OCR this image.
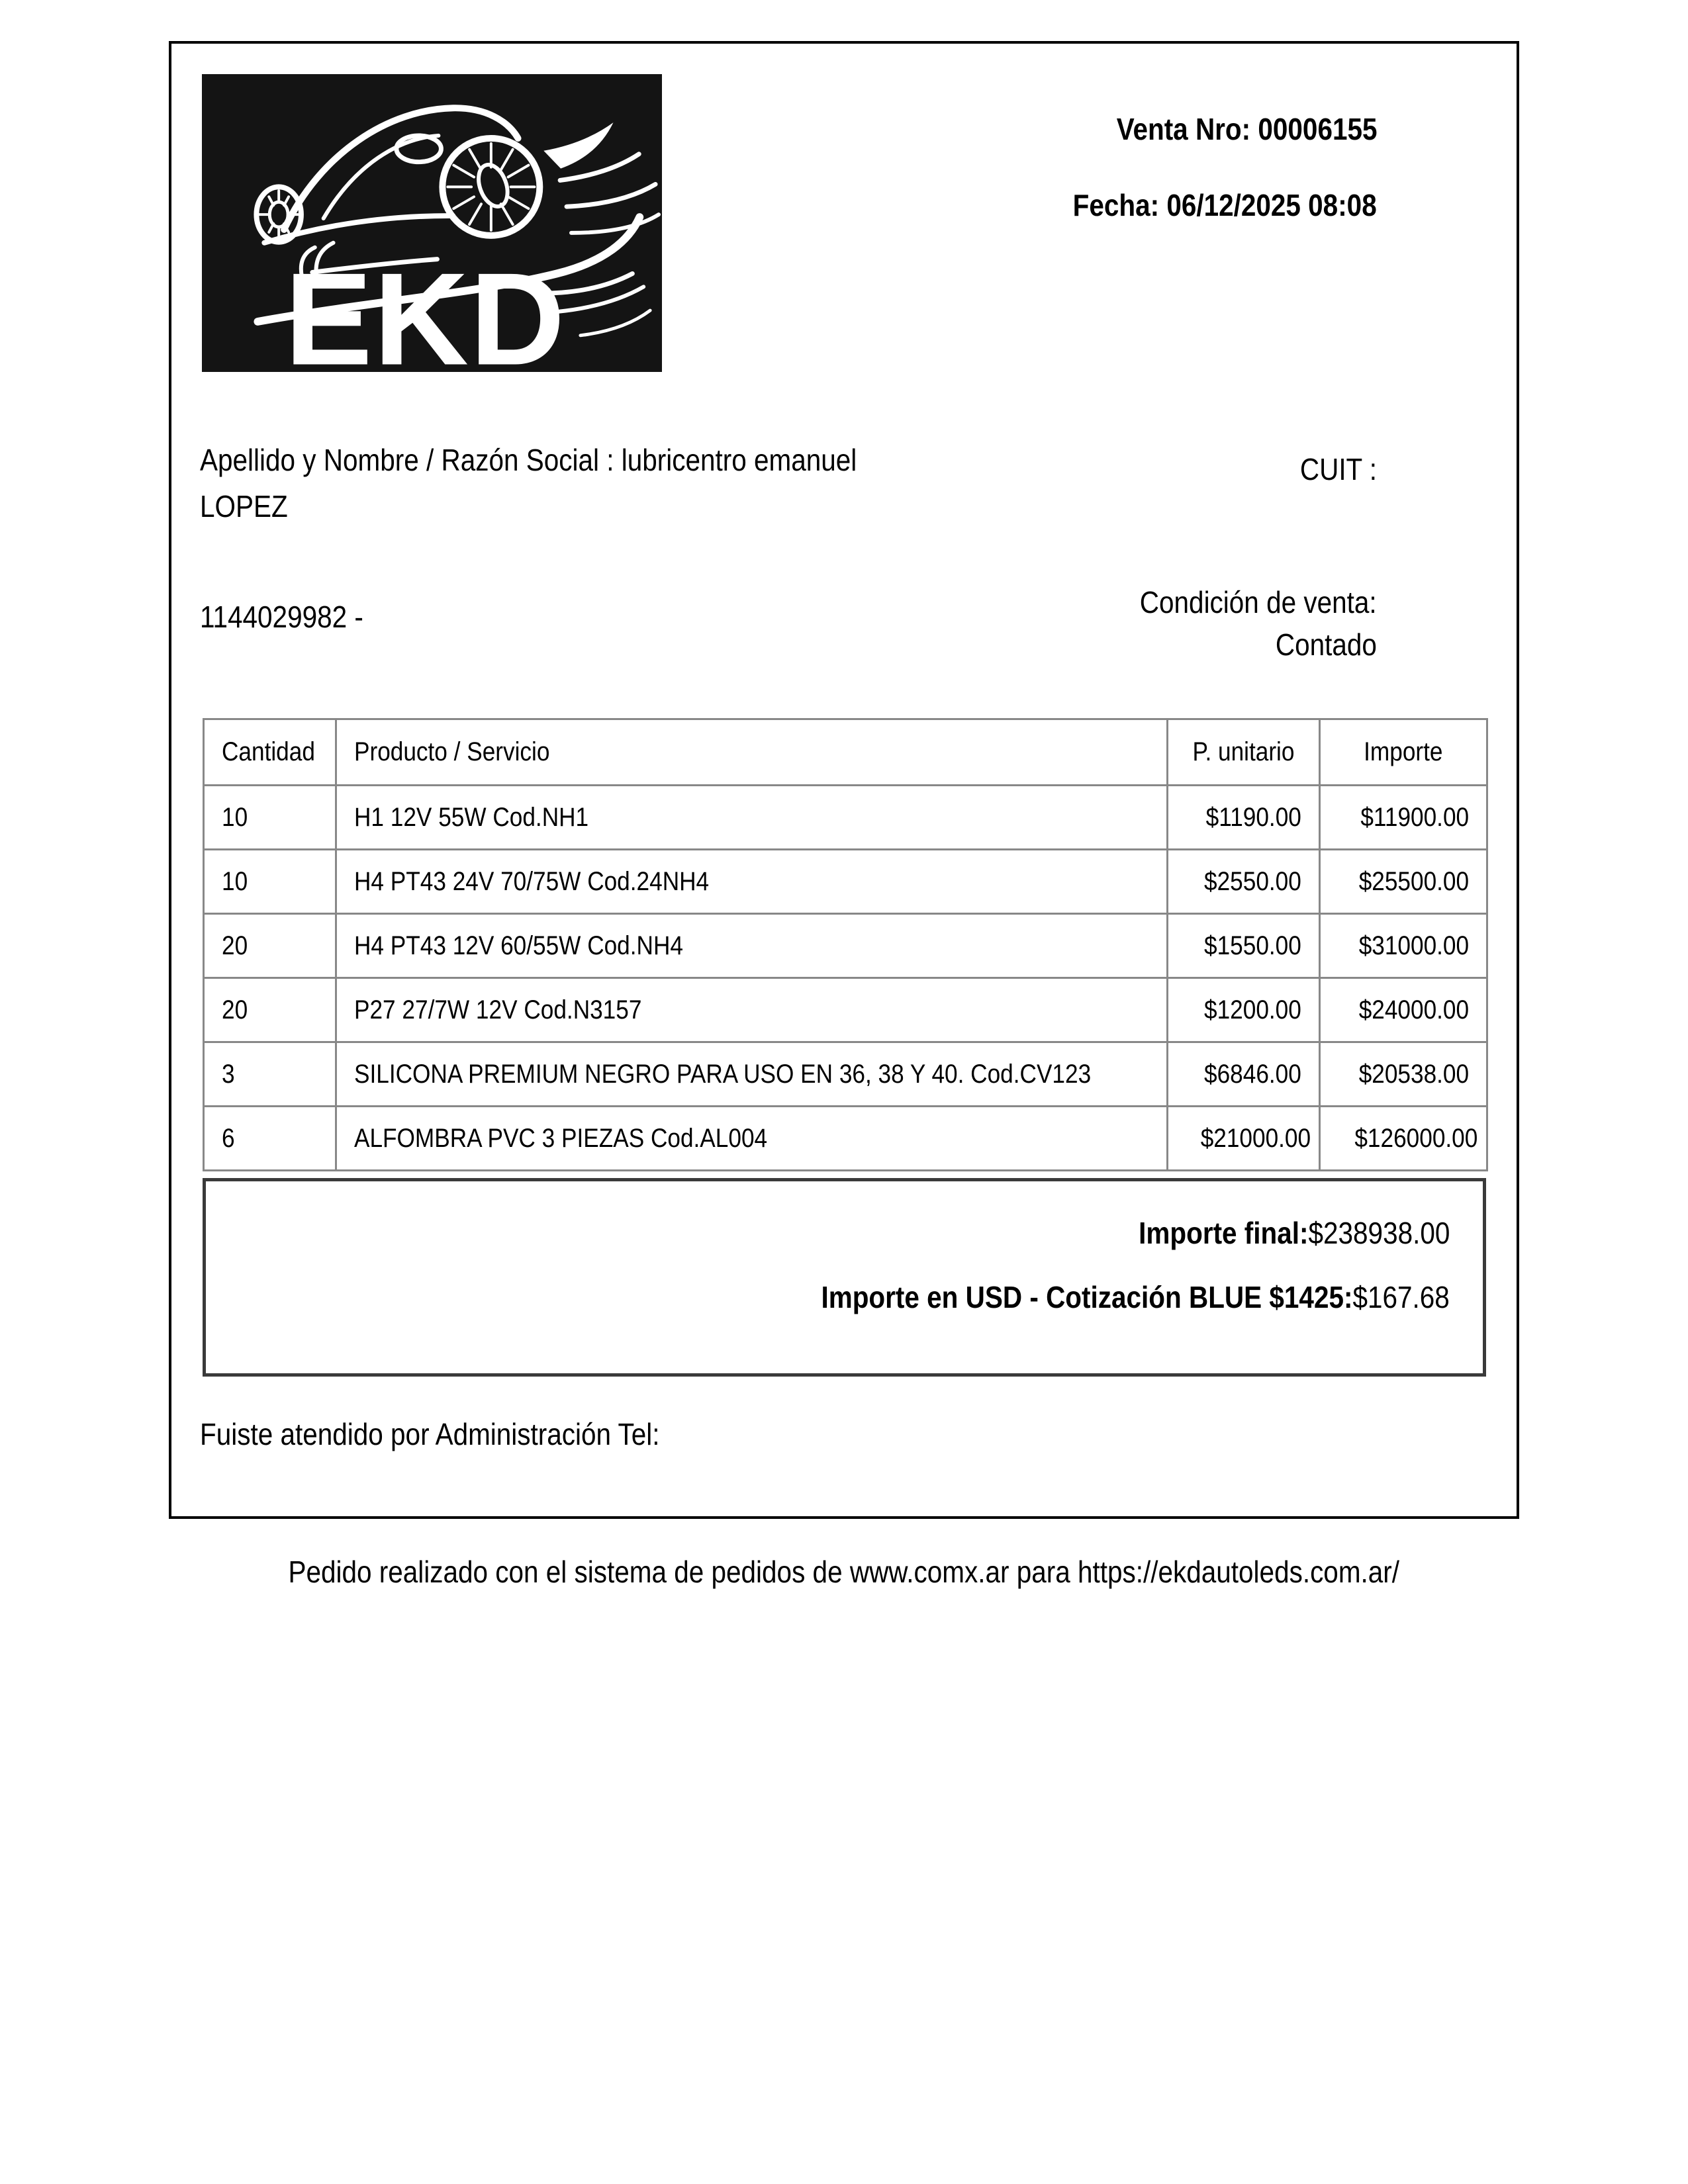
EKD
Venta Nro: 00006155
Fecha: 06/12/2025 08:08
Apellido y Nombre / Razón Social : lubricentro emanuel
LOPEZ
CUIT :
1144029982 -	Condición de venta:
Contado
Cantidad	Producto / Servicio	P. unitario	Importe
10	H1 12V 55W Cod.NH1	$1190.00	$11900.00
10	H4 PT43 24V 70/75W Cod.24NH4	$2550.00	$25500.00
20	H4 PT43 12V 60/55W Cod.NH4	$1550.00	$31000.00
20	P27 27/7W 12V Cod.N3157	$1200.00	$24000.00
3	SILICONA PREMIUM NEGRO PARA USO EN 36, 38 Y 40. Cod.CV123	$6846.00	$20538.00
6	ALFOMBRA PVC 3 PIEZAS Cod.AL004	$21000.00	$126000.00
Importe final:$238938.00
Importe en USD - Cotización BLUE $1425:$167.68
Fuiste atendido por Administración Tel:
Pedido realizado con el sistema de pedidos de www.comx.ar para https://ekdautoleds.com.ar/
